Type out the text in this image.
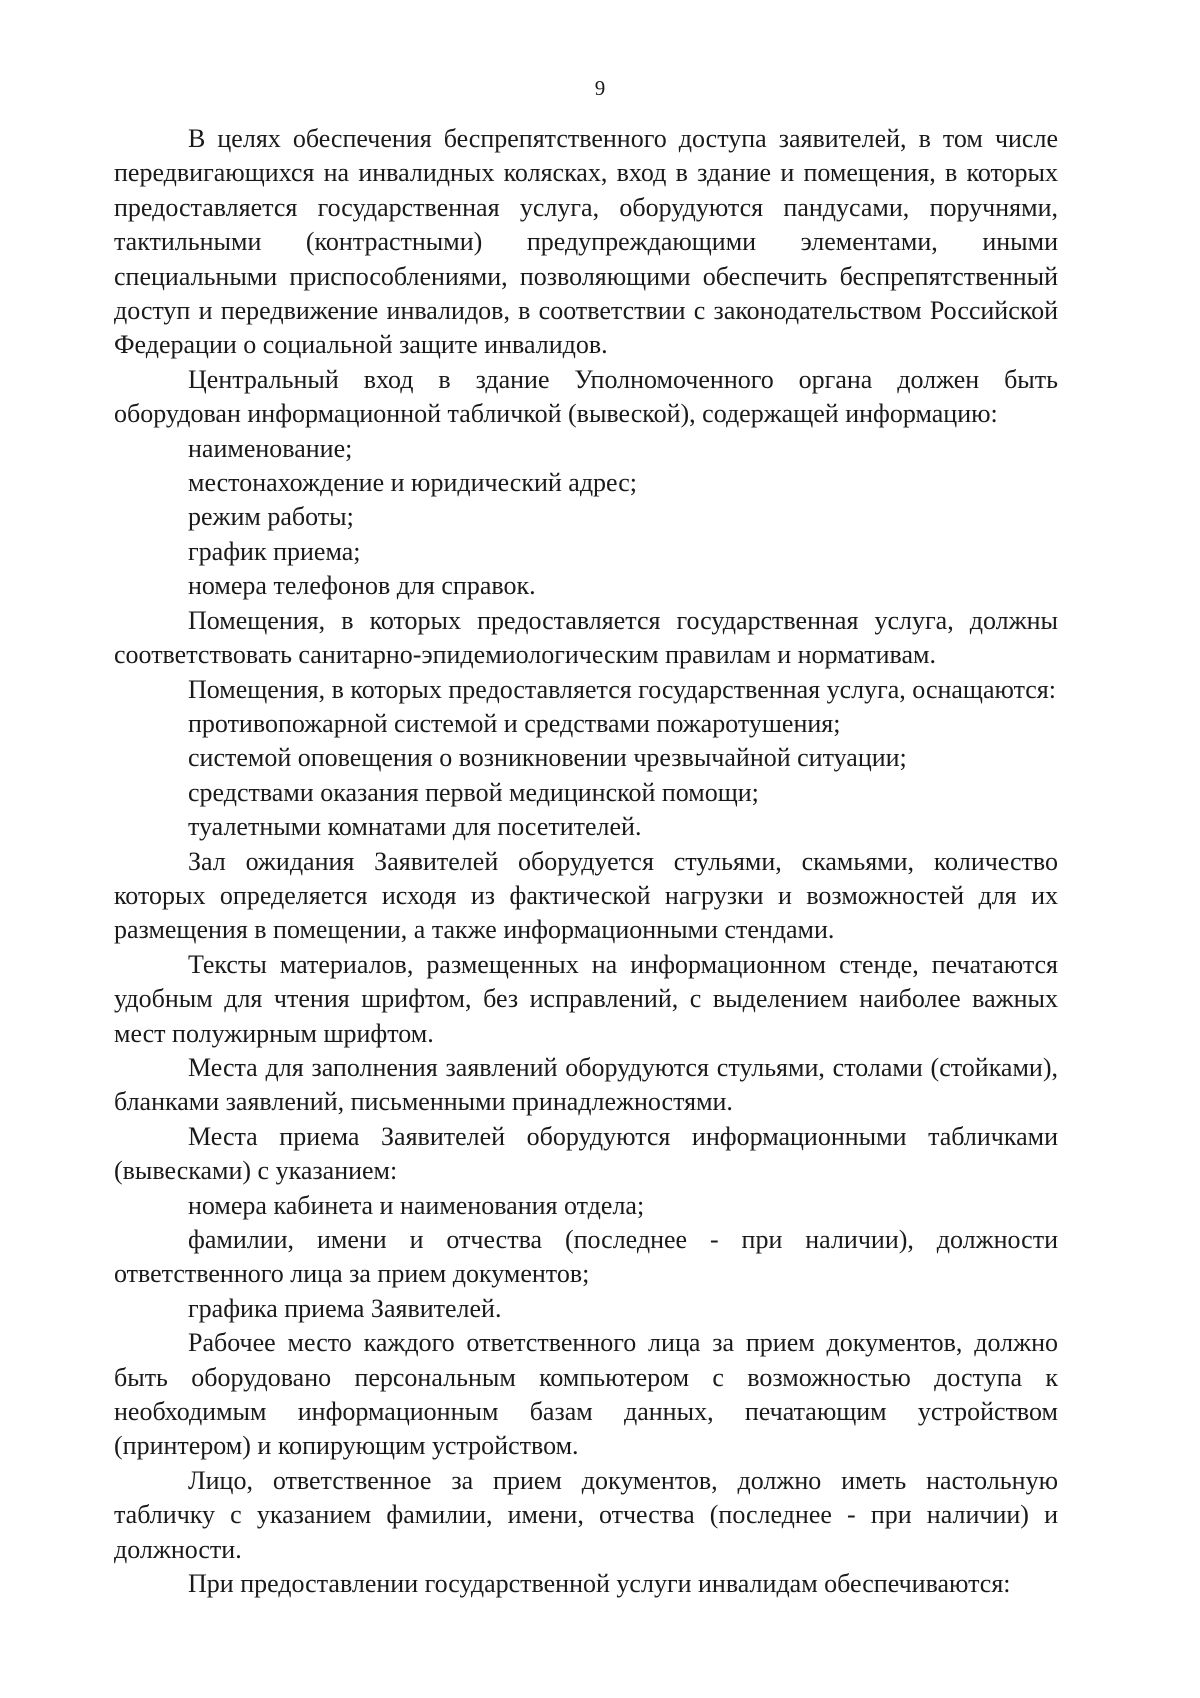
9

В целях обеспечения беспрепятственного доступа заявителей, в том числе передвигающихся на инвалидных колясках, вход в здание и помещения, в которых предоставляется государственная услуга, оборудуются пандусами, поручнями, тактильными (контрастными) предупреждающими элементами, иными специальными приспособлениями, позволяющими обеспечить беспрепятственный доступ и передвижение инвалидов, в соответствии с законодательством Российской Федерации о социальной защите инвалидов.

Центральный вход в здание Уполномоченного органа должен быть оборудован информационной табличкой (вывеской), содержащей информацию:

наименование;

местонахождение и юридический адрес;

режим работы;

график приема;

номера телефонов для справок.

Помещения, в которых предоставляется государственная услуга, должны соответствовать санитарно-эпидемиологическим правилам и нормативам.

Помещения, в которых предоставляется государственная услуга, оснащаются:

противопожарной системой и средствами пожаротушения;

системой оповещения о возникновении чрезвычайной ситуации;

средствами оказания первой медицинской помощи;

туалетными комнатами для посетителей.

Зал ожидания Заявителей оборудуется стульями, скамьями, количество которых определяется исходя из фактической нагрузки и возможностей для их размещения в помещении, а также информационными стендами.

Тексты материалов, размещенных на информационном стенде, печатаются удобным для чтения шрифтом, без исправлений, с выделением наиболее важных мест полужирным шрифтом.

Места для заполнения заявлений оборудуются стульями, столами (стойками), бланками заявлений, письменными принадлежностями.

Места приема Заявителей оборудуются информационными табличками (вывесками) с указанием:

номера кабинета и наименования отдела;

фамилии, имени и отчества (последнее - при наличии), должности ответственного лица за прием документов;

графика приема Заявителей.

Рабочее место каждого ответственного лица за прием документов, должно быть оборудовано персональным компьютером с возможностью доступа к необходимым информационным базам данных, печатающим устройством (принтером) и копирующим устройством.

Лицо, ответственное за прием документов, должно иметь настольную табличку с указанием фамилии, имени, отчества (последнее - при наличии) и должности.

При предоставлении государственной услуги инвалидам обеспечиваются:
